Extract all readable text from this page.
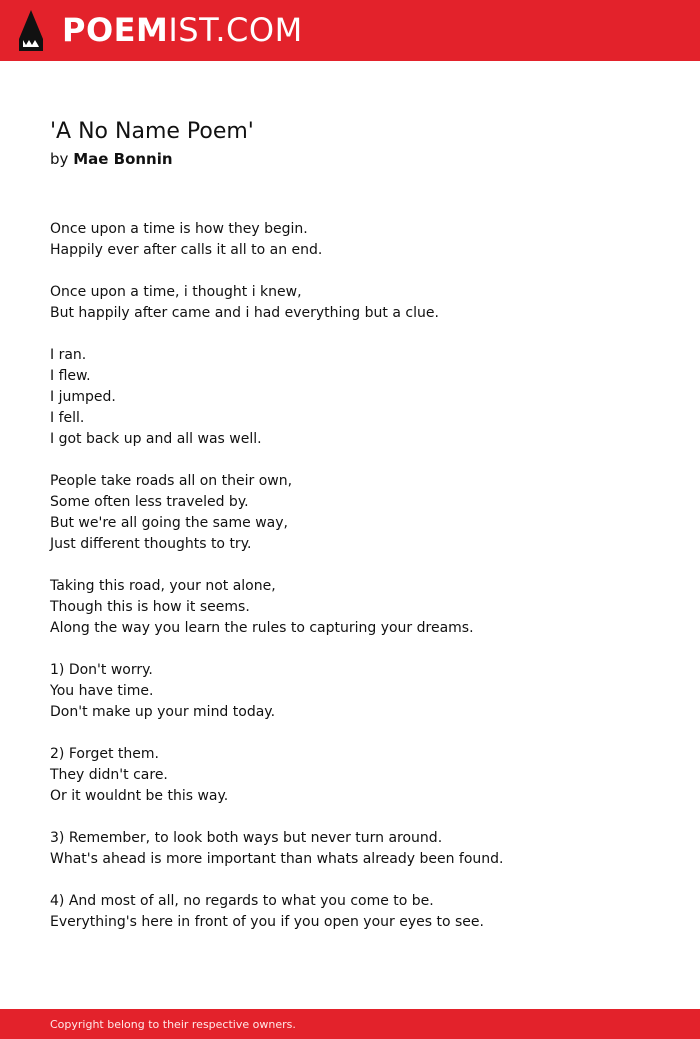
POEMIST.COM
'A No Name Poem'
by Mae Bonnin
Once upon a time is how they begin.
Happily ever after calls it all to an end.
Once upon a time, i thought i knew,
But happily after came and i had everything but a clue.
I ran.
I flew.
I jumped.
I fell.
I got back up and all was well.
People take roads all on their own,
Some often less traveled by.
But we're all going the same way,
Just different thoughts to try.
Taking this road, your not alone,
Though this is how it seems.
Along the way you learn the rules to capturing your dreams.
1) Don't worry.
You have time.
Don't make up your mind today.
2) Forget them.
They didn't care.
Or it wouldnt be this way.
3) Remember, to look both ways but never turn around.
What's ahead is more important than whats already been found.
4) And most of all, no regards to what you come to be.
Everything's here in front of you if you open your eyes to see.
Copyright belong to their respective owners.
